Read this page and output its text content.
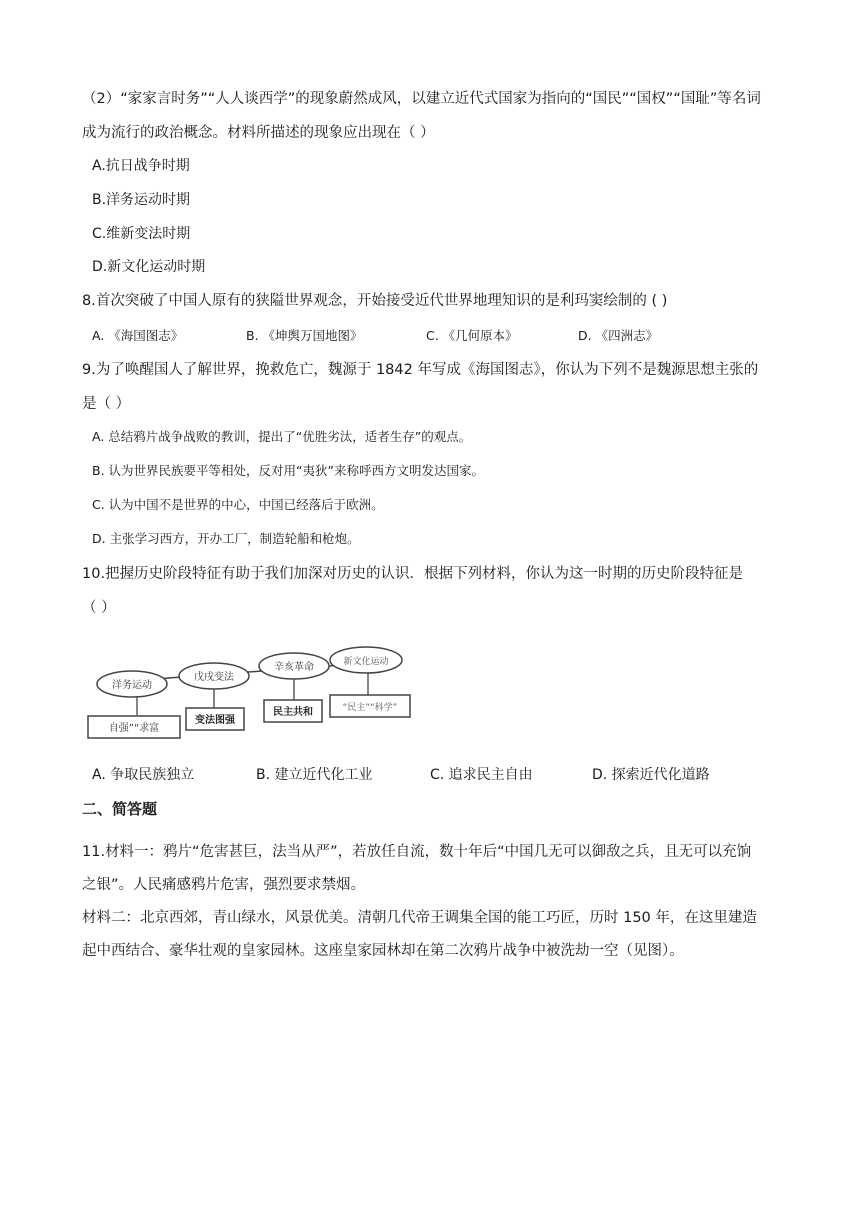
（2）“家家言时务”“人人谈西学”的现象蔚然成风，以建立近代式国家为指向的“国民”“国权”“国耻”等名词
成为流行的政治概念。材料所描述的现象应出现在（ ）
A.抗日战争时期
B.洋务运动时期
C.维新变法时期
D.新文化运动时期
8.首次突破了中国人原有的狭隘世界观念，开始接受近代世界地理知识的是利玛窦绘制的 ( )
A. 《海国图志》	B. 《坤舆万国地图》	C. 《几何原本》	D. 《四洲志》
9.为了唤醒国人了解世界，挽救危亡，魏源于 1842 年写成《海国图志》，你认为下列不是魏源思想主张的
是（ ）
A. 总结鸦片战争战败的教训，提出了“优胜劣汰，适者生存”的观点。
B. 认为世界民族要平等相处，反对用“夷狄”来称呼西方文明发达国家。
C. 认为中国不是世界的中心，中国已经落后于欧洲。
D. 主张学习西方，开办工厂，制造轮船和枪炮。
10.把握历史阶段特征有助于我们加深对历史的认识．根据下列材料，你认为这一时期的历史阶段特征是
（ ）
洋务运动
戊戌变法
辛亥革命	新文化运动
自强”“求富
变法图强
民主共和	“民主”“科学”
A. 争取民族独立	B. 建立近代化工业	C. 追求民主自由	D. 探索近代化道路
二、简答题
11.材料一：鸦片“危害甚巨，法当从严”，若放任自流，数十年后“中国几无可以御敌之兵，且无可以充饷
之银”。人民痛感鸦片危害，强烈要求禁烟。
材料二：北京西郊，青山绿水，风景优美。清朝几代帝王调集全国的能工巧匠，历时 150 年，在这里建造
起中西结合、豪华壮观的皇家园林。这座皇家园林却在第二次鸦片战争中被洗劫一空（见图）。
